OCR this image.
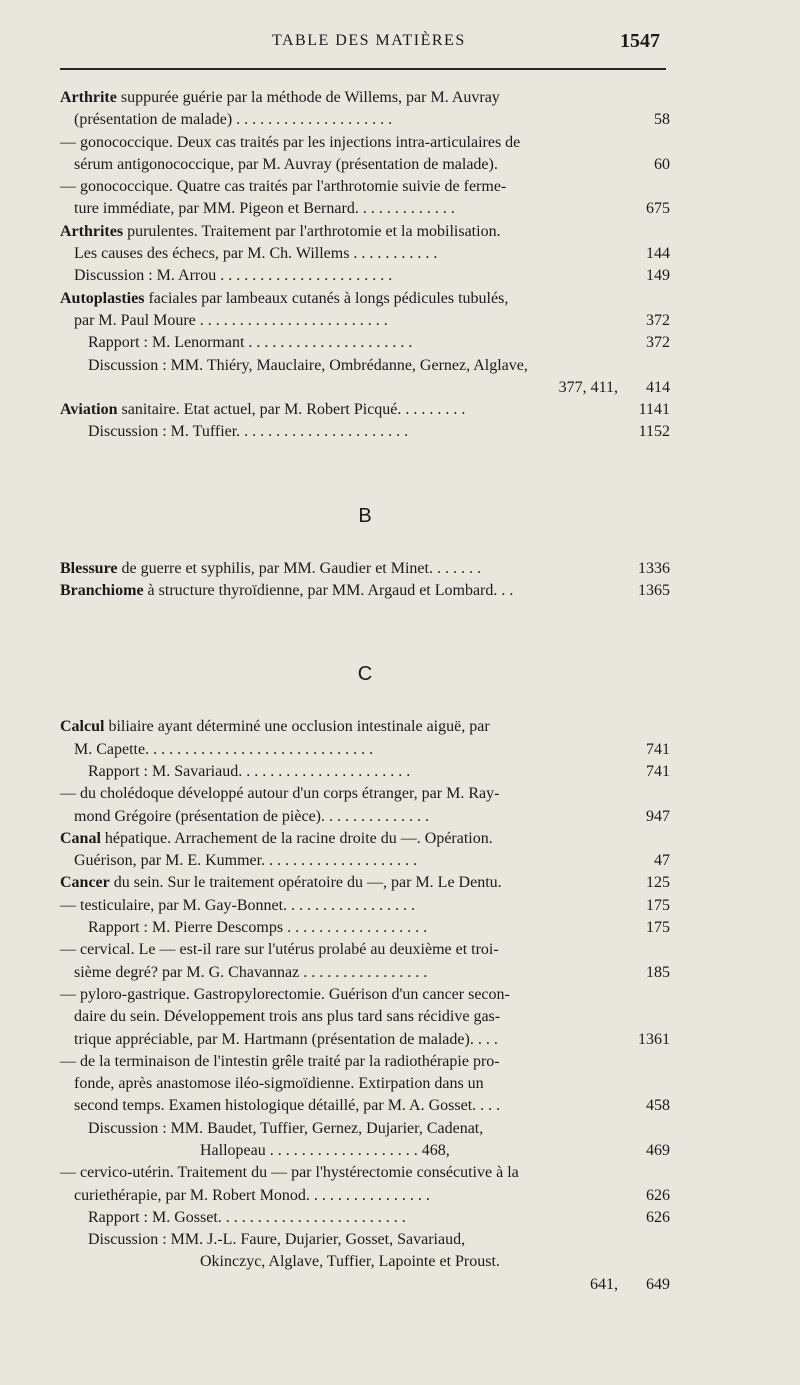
TABLE DES MATIÈRES	1547
Arthrite suppurée guérie par la méthode de Willems, par M. Auvray
(présentation de malade) . . . . . . . . . . . . . . . . . . . .	58
— gonococcique. Deux cas traités par les injections intra-articulaires de
sérum antigonococcique, par M. Auvray (présentation de malade).	60
— gonococcique. Quatre cas traités par l'arthrotomie suivie de ferme-
ture immédiate, par MM. Pigeon et Bernard. . . . . . . . . . . . .	675
Arthrites purulentes. Traitement par l'arthrotomie et la mobilisation.
Les causes des échecs, par M. Ch. Willems . . . . . . . . . . .	144
Discussion : M. Arrou . . . . . . . . . . . . . . . . . . . . . .	149
Autoplasties faciales par lambeaux cutanés à longs pédicules tubulés,
par M. Paul Moure . . . . . . . . . . . . . . . . . . . . . . . .	372
Rapport : M. Lenormant . . . . . . . . . . . . . . . . . . . . .	372
Discussion : MM. Thiéry, Mauclaire, Ombrédanne, Gernez, Alglave,
377, 411, 414
Aviation sanitaire. Etat actuel, par M. Robert Picqué. . . . . . . . .	1141
Discussion : M. Tuffier. . . . . . . . . . . . . . . . . . . . . .	1152
B
Blessure de guerre et syphilis, par MM. Gaudier et Minet. . . . . . .	1336
Branchiome à structure thyroïdienne, par MM. Argaud et Lombard. . .	1365
C
Calcul biliaire ayant déterminé une occlusion intestinale aiguë, par
M. Capette. . . . . . . . . . . . . . . . . . . . . . . . . . . . .	741
Rapport : M. Savariaud. . . . . . . . . . . . . . . . . . . . . .	741
— du cholédoque développé autour d'un corps étranger, par M. Ray-
mond Grégoire (présentation de pièce). . . . . . . . . . . . . .	947
Canal hépatique. Arrachement de la racine droite du —. Opération.
Guérison, par M. E. Kummer. . . . . . . . . . . . . . . . . . . .	47
Cancer du sein. Sur le traitement opératoire du —, par M. Le Dentu.	125
— testiculaire, par M. Gay-Bonnet. . . . . . . . . . . . . . . . .	175
Rapport : M. Pierre Descomps . . . . . . . . . . . . . . . . . .	175
— cervical. Le — est-il rare sur l'utérus prolabé au deuxième et troi-
sième degré? par M. G. Chavannaz . . . . . . . . . . . . . . . .	185
— pyloro-gastrique. Gastropylorectomie. Guérison d'un cancer secon-
daire du sein. Développement trois ans plus tard sans récidive gas-
trique appréciable, par M. Hartmann (présentation de malade). . . .	1361
— de la terminaison de l'intestin grêle traité par la radiothérapie pro-
fonde, après anastomose iléo-sigmoïdienne. Extirpation dans un
second temps. Examen histologique détaillé, par M. A. Gosset. . . .	458
Discussion : MM. Baudet, Tuffier, Gernez, Dujarier, Cadenat,
Hallopeau . . . . . . . . . . . . . . . . . . . 468,	469
— cervico-utérin. Traitement du — par l'hystérectomie consécutive à la
curiethérapie, par M. Robert Monod. . . . . . . . . . . . . . . .	626
Rapport : M. Gosset. . . . . . . . . . . . . . . . . . . . . . . .	626
Discussion : MM. J.-L. Faure, Dujarier, Gosset, Savariaud,
Okinczyc, Alglave, Tuffier, Lapointe et Proust.
641, 649
